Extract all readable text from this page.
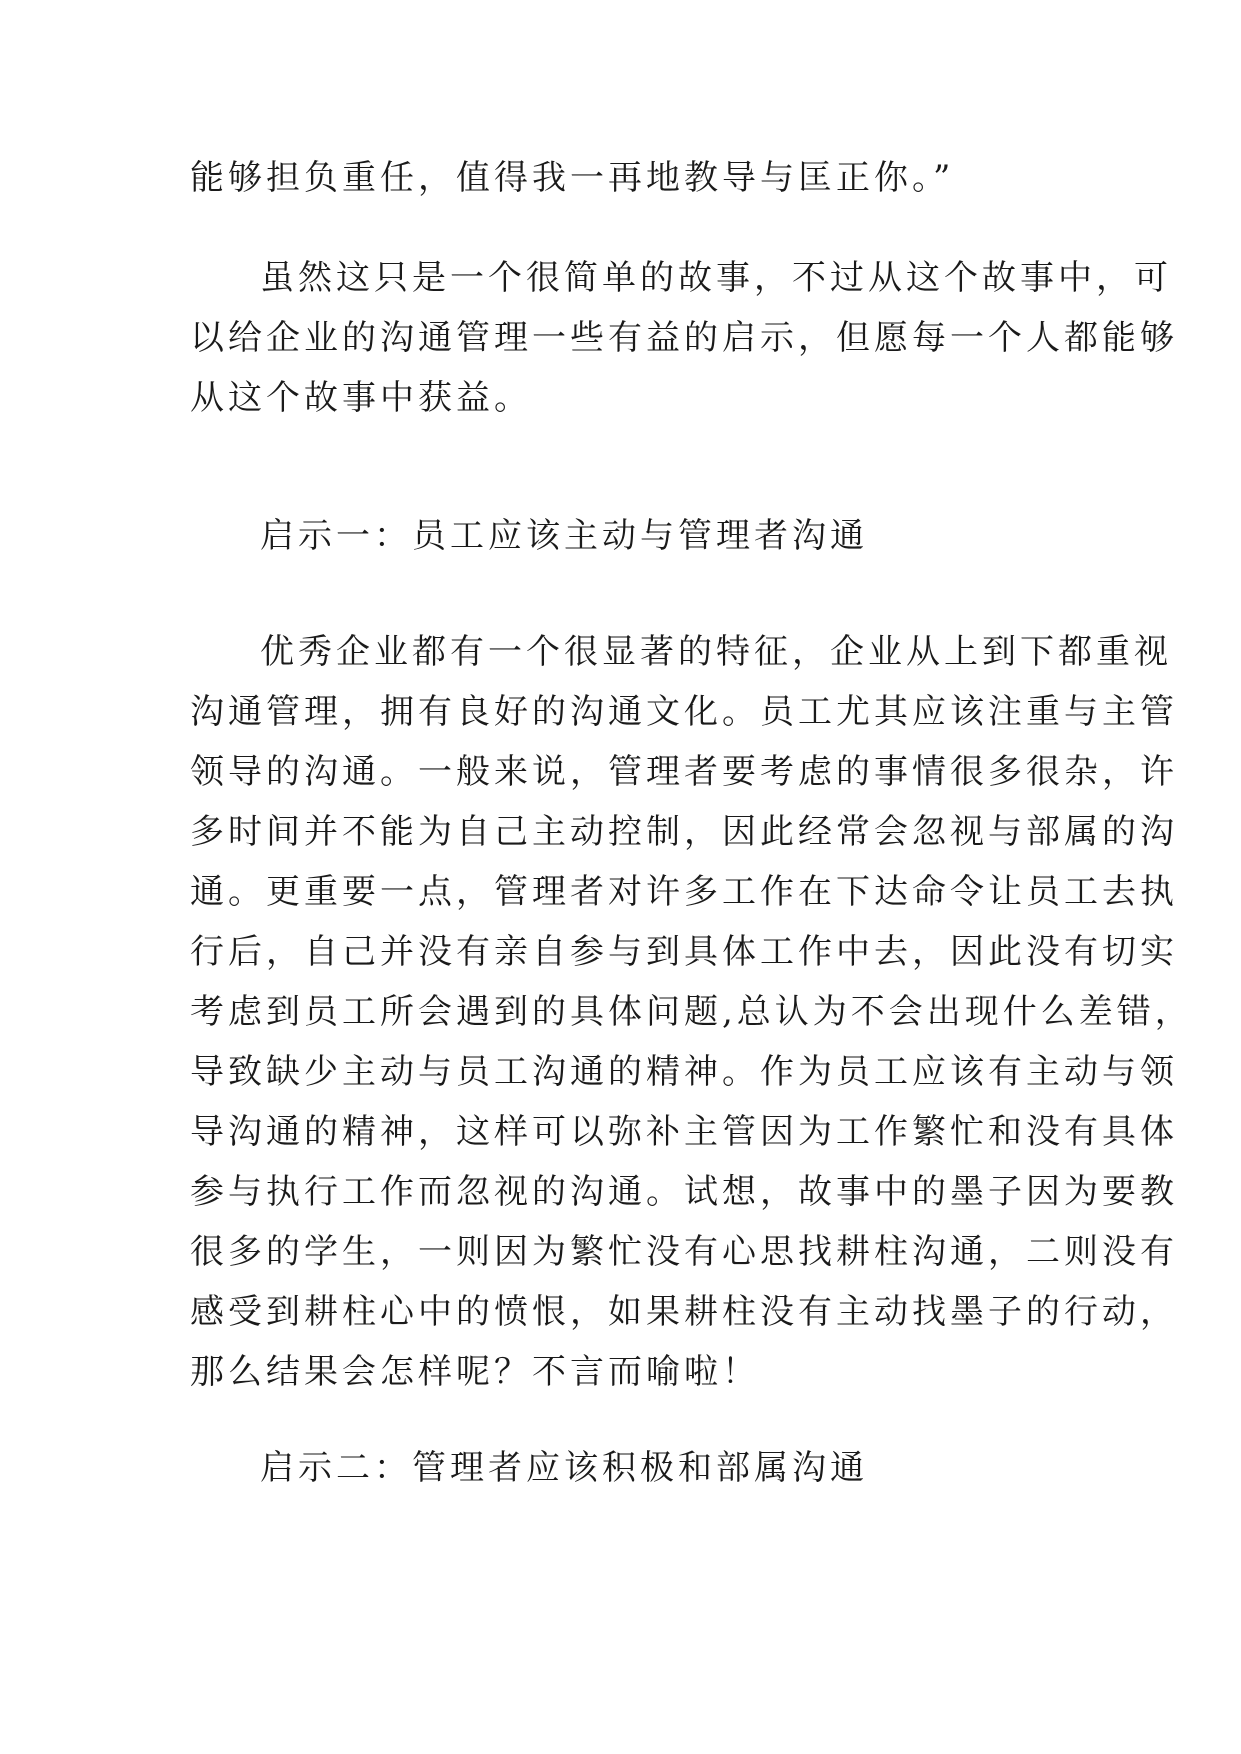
能够担负重任，值得我一再地教导与匡正你。”
虽然这只是一个很简单的故事，不过从这个故事中，可
以给企业的沟通管理一些有益的启示，但愿每一个人都能够
从这个故事中获益。
启示一：员工应该主动与管理者沟通
优秀企业都有一个很显著的特征，企业从上到下都重视
沟通管理，拥有良好的沟通文化。员工尤其应该注重与主管
领导的沟通。一般来说，管理者要考虑的事情很多很杂，许
多时间并不能为自己主动控制，因此经常会忽视与部属的沟
通。更重要一点，管理者对许多工作在下达命令让员工去执
行后，自己并没有亲自参与到具体工作中去，因此没有切实
考虑到员工所会遇到的具体问题,总认为不会出现什么差错，
导致缺少主动与员工沟通的精神。作为员工应该有主动与领
导沟通的精神，这样可以弥补主管因为工作繁忙和没有具体
参与执行工作而忽视的沟通。试想，故事中的墨子因为要教
很多的学生，一则因为繁忙没有心思找耕柱沟通，二则没有
感受到耕柱心中的愤恨，如果耕柱没有主动找墨子的行动，
那么结果会怎样呢？不言而喻啦！
启示二：管理者应该积极和部属沟通
